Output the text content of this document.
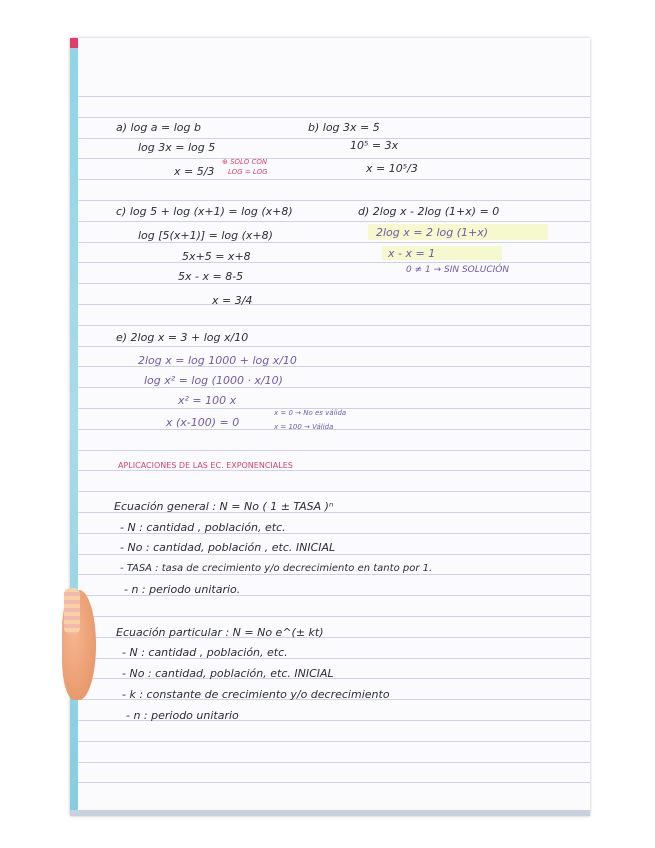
a) log a = log b
log 3x = log 5
x = 5/3
⊕ SOLO CON
LOG = LOG
b) log 3x = 5
10⁵ = 3x
x = 10⁵/3
c) log 5 + log (x+1) = log (x+8)
log [5(x+1)] = log (x+8)
5x+5 = x+8
5x - x = 8-5
x = 3/4
d) 2log x - 2log (1+x) = 0
2log x = 2 log (1+x)
x - x = 1
0 ≠ 1 → SIN SOLUCIÓN
e) 2log x = 3 + log x/10
2log x = log 1000 + log x/10
log x² = log (1000 · x/10)
x² = 100 x
x (x-100) = 0
x = 0 → No es válida
x = 100 → Válida
APLICACIONES DE LAS EC. EXPONENCIALES
Ecuación general : N = No ( 1 ± TASA )ⁿ
- N : cantidad , población, etc.
- No : cantidad, población , etc. INICIAL
- TASA : tasa de crecimiento y/o decrecimiento en tanto por 1.
- n : periodo unitario.
Ecuación particular : N = No e^(± kt)
- N : cantidad , población, etc.
- No : cantidad, población, etc. INICIAL
- k : constante de crecimiento y/o decrecimiento
- n : periodo unitario
